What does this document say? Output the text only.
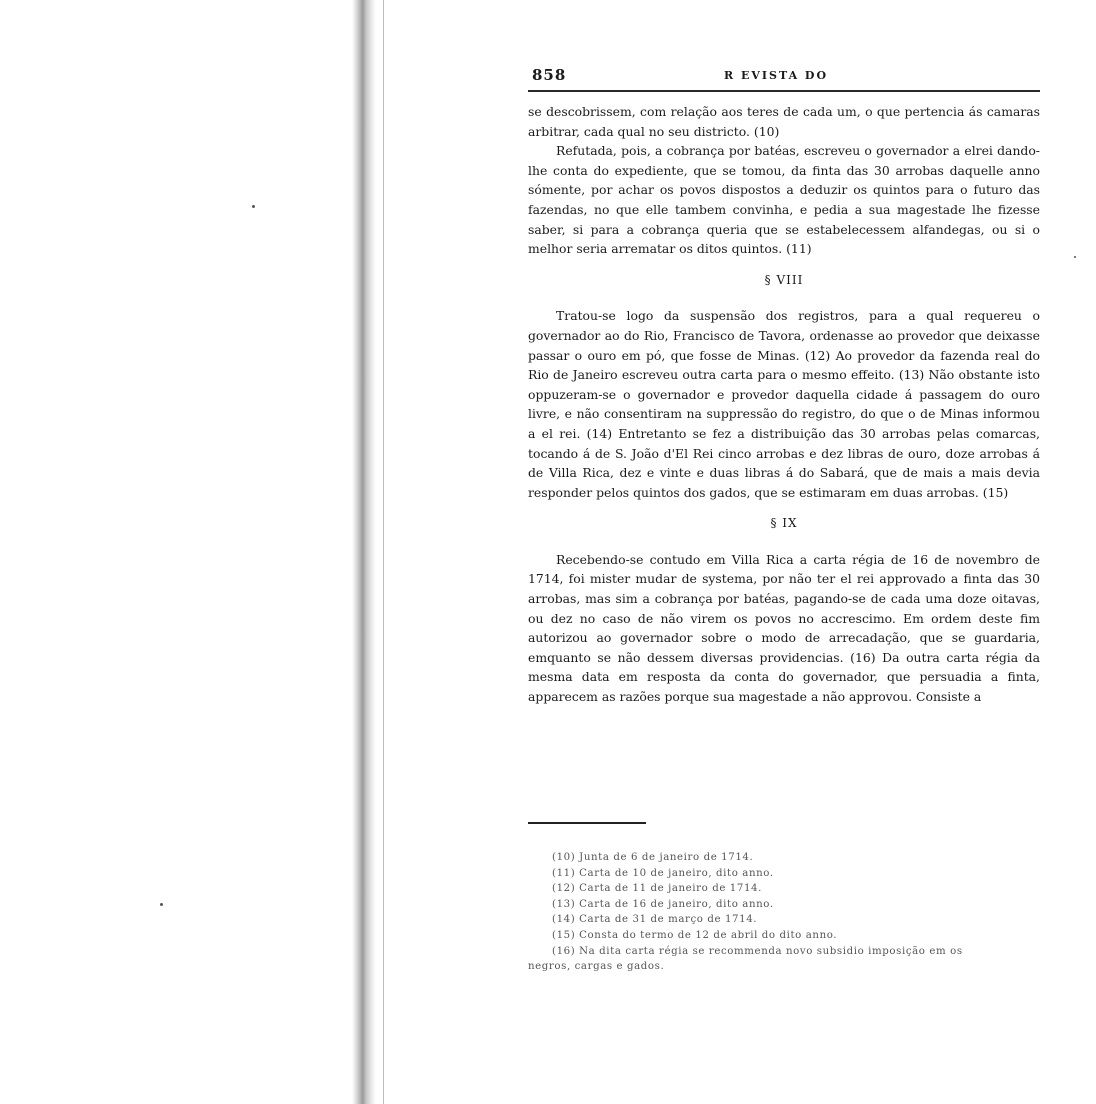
858	R EVISTA DO

se descobrissem, com relação aos teres de cada um, o que pertencia ás camaras arbitrar, cada qual no seu districto. (10)

Refutada, pois, a cobrança por batéas, escreveu o governador a elrei dando-lhe conta do expediente, que se tomou, da finta das 30 arrobas daquelle anno sómente, por achar os povos dispostos a deduzir os quintos para o futuro das fazendas, no que elle tambem convinha, e pedia a sua magestade lhe fizesse saber, si para a cobrança queria que se estabelecessem alfandegas, ou si o melhor seria arrematar os ditos quintos. (11)

§ VIII

Tratou-se logo da suspensão dos registros, para a qual requereu o governador ao do Rio, Francisco de Tavora, ordenasse ao provedor que deixasse passar o ouro em pó, que fosse de Minas. (12) Ao provedor da fazenda real do Rio de Janeiro escreveu outra carta para o mesmo effeito. (13) Não obstante isto oppuzeram-se o governador e provedor daquella cidade á passagem do ouro livre, e não consentiram na suppressão do registro, do que o de Minas informou a el rei. (14) Entretanto se fez a distribuição das 30 arrobas pelas comarcas, tocando á de S. João d'El Rei cinco arrobas e dez libras de ouro, doze arrobas á de Villa Rica, dez e vinte e duas libras á do Sabará, que de mais a mais devia responder pelos quintos dos gados, que se estimaram em duas arrobas. (15)

§ IX

Recebendo-se contudo em Villa Rica a carta régia de 16 de novembro de 1714, foi mister mudar de systema, por não ter el rei approvado a finta das 30 arrobas, mas sim a cobrança por batéas, pagando-se de cada uma doze oitavas, ou dez no caso de não virem os povos no accrescimo. Em ordem deste fim autorizou ao governador sobre o modo de arrecadação, que se guardaria, emquanto se não dessem diversas providencias. (16) Da outra carta régia da mesma data em resposta da conta do governador, que persuadia a finta, apparecem as razões porque sua magestade a não approvou. Consiste a

(10) Junta de 6 de janeiro de 1714.

(11) Carta de 10 de janeiro, dito anno.

(12) Carta de 11 de janeiro de 1714.

(13) Carta de 16 de janeiro, dito anno.

(14) Carta de 31 de março de 1714.

(15) Consta do termo de 12 de abril do dito anno.

(16) Na dita carta régia se recommenda novo subsidio imposição em os

negros, cargas e gados.
